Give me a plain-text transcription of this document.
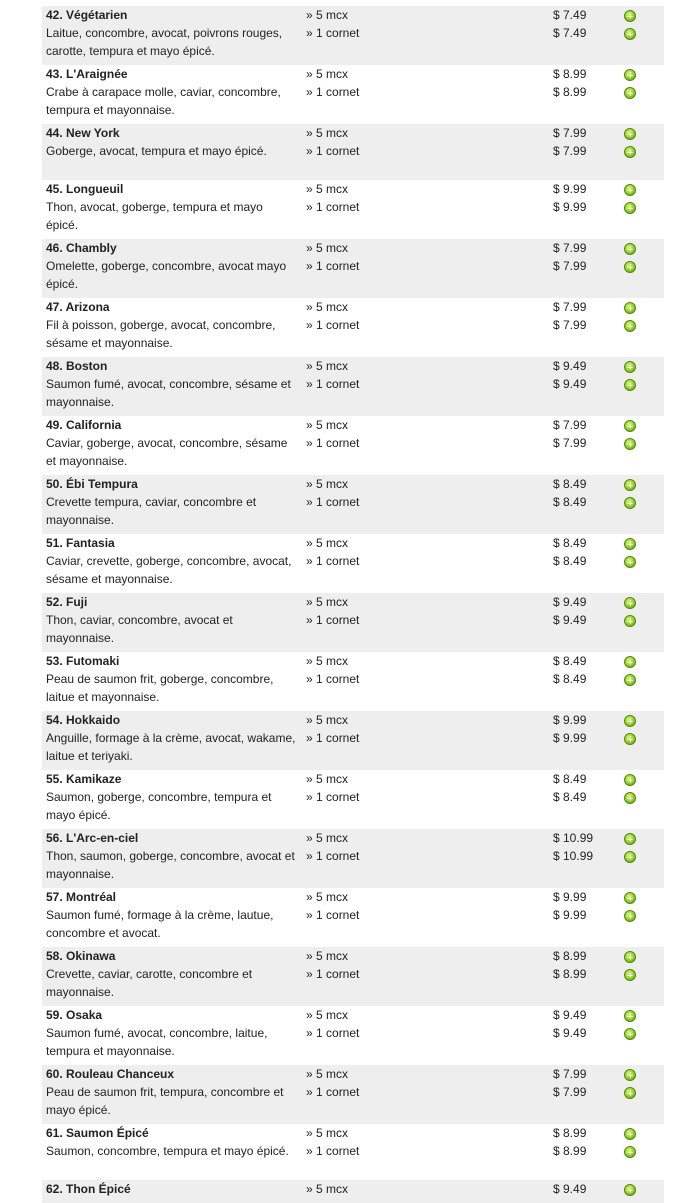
42. Végétarien
Laitue, concombre, avocat, poivrons rouges,
carotte, tempura et mayo épicé.
» 5 mcx
» 1 cornet
$ 7.49
$ 7.49
43. L'Araignée
Crabe à carapace molle, caviar, concombre,
tempura et mayonnaise.
» 5 mcx
» 1 cornet
$ 8.99
$ 8.99
44. New York
Goberge, avocat, tempura et mayo épicé.
» 5 mcx
» 1 cornet
$ 7.99
$ 7.99
45. Longueuil
Thon, avocat, goberge, tempura et mayo
épicé.
» 5 mcx
» 1 cornet
$ 9.99
$ 9.99
46. Chambly
Omelette, goberge, concombre, avocat mayo
épicé.
» 5 mcx
» 1 cornet
$ 7.99
$ 7.99
47. Arizona
Fil à poisson, goberge, avocat, concombre,
sésame et mayonnaise.
» 5 mcx
» 1 cornet
$ 7.99
$ 7.99
48. Boston
Saumon fumé, avocat, concombre, sésame et
mayonnaise.
» 5 mcx
» 1 cornet
$ 9.49
$ 9.49
49. California
Caviar, goberge, avocat, concombre, sésame
et mayonnaise.
» 5 mcx
» 1 cornet
$ 7.99
$ 7.99
50. Ébi Tempura
Crevette tempura, caviar, concombre et
mayonnaise.
» 5 mcx
» 1 cornet
$ 8.49
$ 8.49
51. Fantasia
Caviar, crevette, goberge, concombre, avocat,
sésame et mayonnaise.
» 5 mcx
» 1 cornet
$ 8.49
$ 8.49
52. Fuji
Thon, caviar, concombre, avocat et
mayonnaise.
» 5 mcx
» 1 cornet
$ 9.49
$ 9.49
53. Futomaki
Peau de saumon frit, goberge, concombre,
laitue et mayonnaise.
» 5 mcx
» 1 cornet
$ 8.49
$ 8.49
54. Hokkaido
Anguille, formage à la crème, avocat, wakame,
laitue et teriyaki.
» 5 mcx
» 1 cornet
$ 9.99
$ 9.99
55. Kamikaze
Saumon, goberge, concombre, tempura et
mayo épicé.
» 5 mcx
» 1 cornet
$ 8.49
$ 8.49
56. L'Arc-en-ciel
Thon, saumon, goberge, concombre, avocat et
mayonnaise.
» 5 mcx
» 1 cornet
$ 10.99
$ 10.99
57. Montréal
Saumon fumé, formage à la crème, lautue,
concombre et avocat.
» 5 mcx
» 1 cornet
$ 9.99
$ 9.99
58. Okinawa
Crevette, caviar, carotte, concombre et
mayonnaise.
» 5 mcx
» 1 cornet
$ 8.99
$ 8.99
59. Osaka
Saumon fumé, avocat, concombre, laitue,
tempura et mayonnaise.
» 5 mcx
» 1 cornet
$ 9.49
$ 9.49
60. Rouleau Chanceux
Peau de saumon frit, tempura, concombre et
mayo épicé.
» 5 mcx
» 1 cornet
$ 7.99
$ 7.99
61. Saumon Épicé
Saumon, concombre, tempura et mayo épicé.
» 5 mcx
» 1 cornet
$ 8.99
$ 8.99
62. Thon Épicé	» 5 mcx	$ 9.49
